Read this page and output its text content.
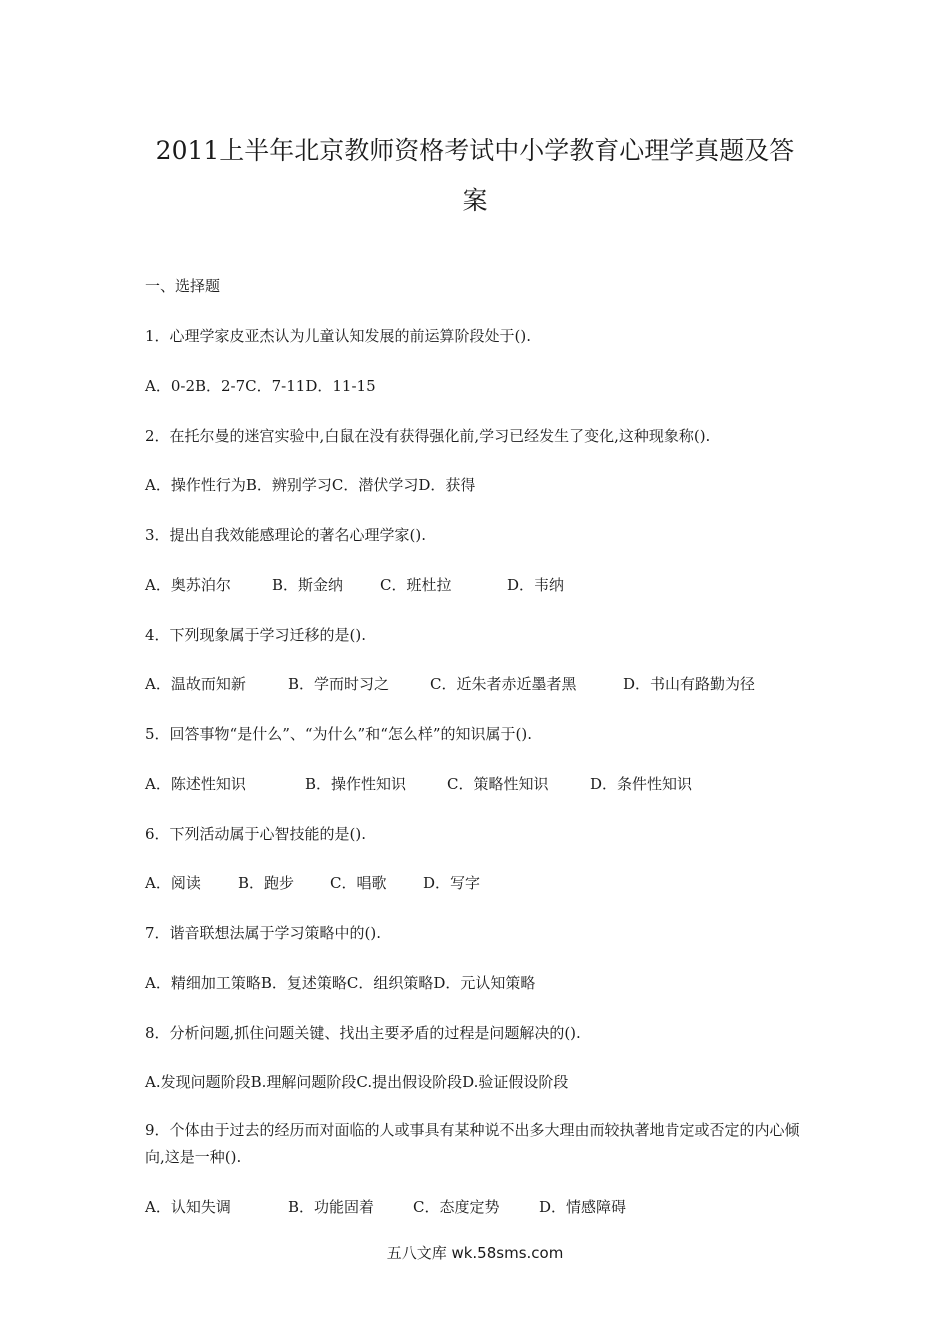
2011上半年北京教师资格考试中小学教育心理学真题及答
案
一、选择题
1．心理学家皮亚杰认为儿童认知发展的前运算阶段处于().
A．0-2B．2-7C．7-11D．11-15
2．在托尔曼的迷宫实验中,白鼠在没有获得强化前,学习已经发生了变化,这种现象称().
A．操作性行为B．辨别学习C．潜伏学习D．获得
3．提出自我效能感理论的著名心理学家().
A．奥苏泊尔	B．斯金纳 C．班杜拉	D．韦纳
4．下列现象属于学习迁移的是().
A．温故而知新	B．学而时习之	C．近朱者赤近墨者黑	D．书山有路勤为径
5．回答事物“是什么”、“为什么”和“怎么样”的知识属于().
A．陈述性知识	B．操作性知识	C．策略性知识	D．条件性知识
6．下列活动属于心智技能的是().
A．阅读 B．跑步 C．唱歌 D．写字
7．谐音联想法属于学习策略中的().
A．精细加工策略B．复述策略C．组织策略D．元认知策略
8．分析问题,抓住问题关键、找出主要矛盾的过程是问题解决的().
A.发现问题阶段B.理解问题阶段C.提出假设阶段D.验证假设阶段
9．个体由于过去的经历而对面临的人或事具有某种说不出多大理由而较执著地肯定或否定的内心倾向,这是一种().
A．认知失调	B．功能固着	C．态度定势	D．情感障碍
五八文库 wk.58sms.com
